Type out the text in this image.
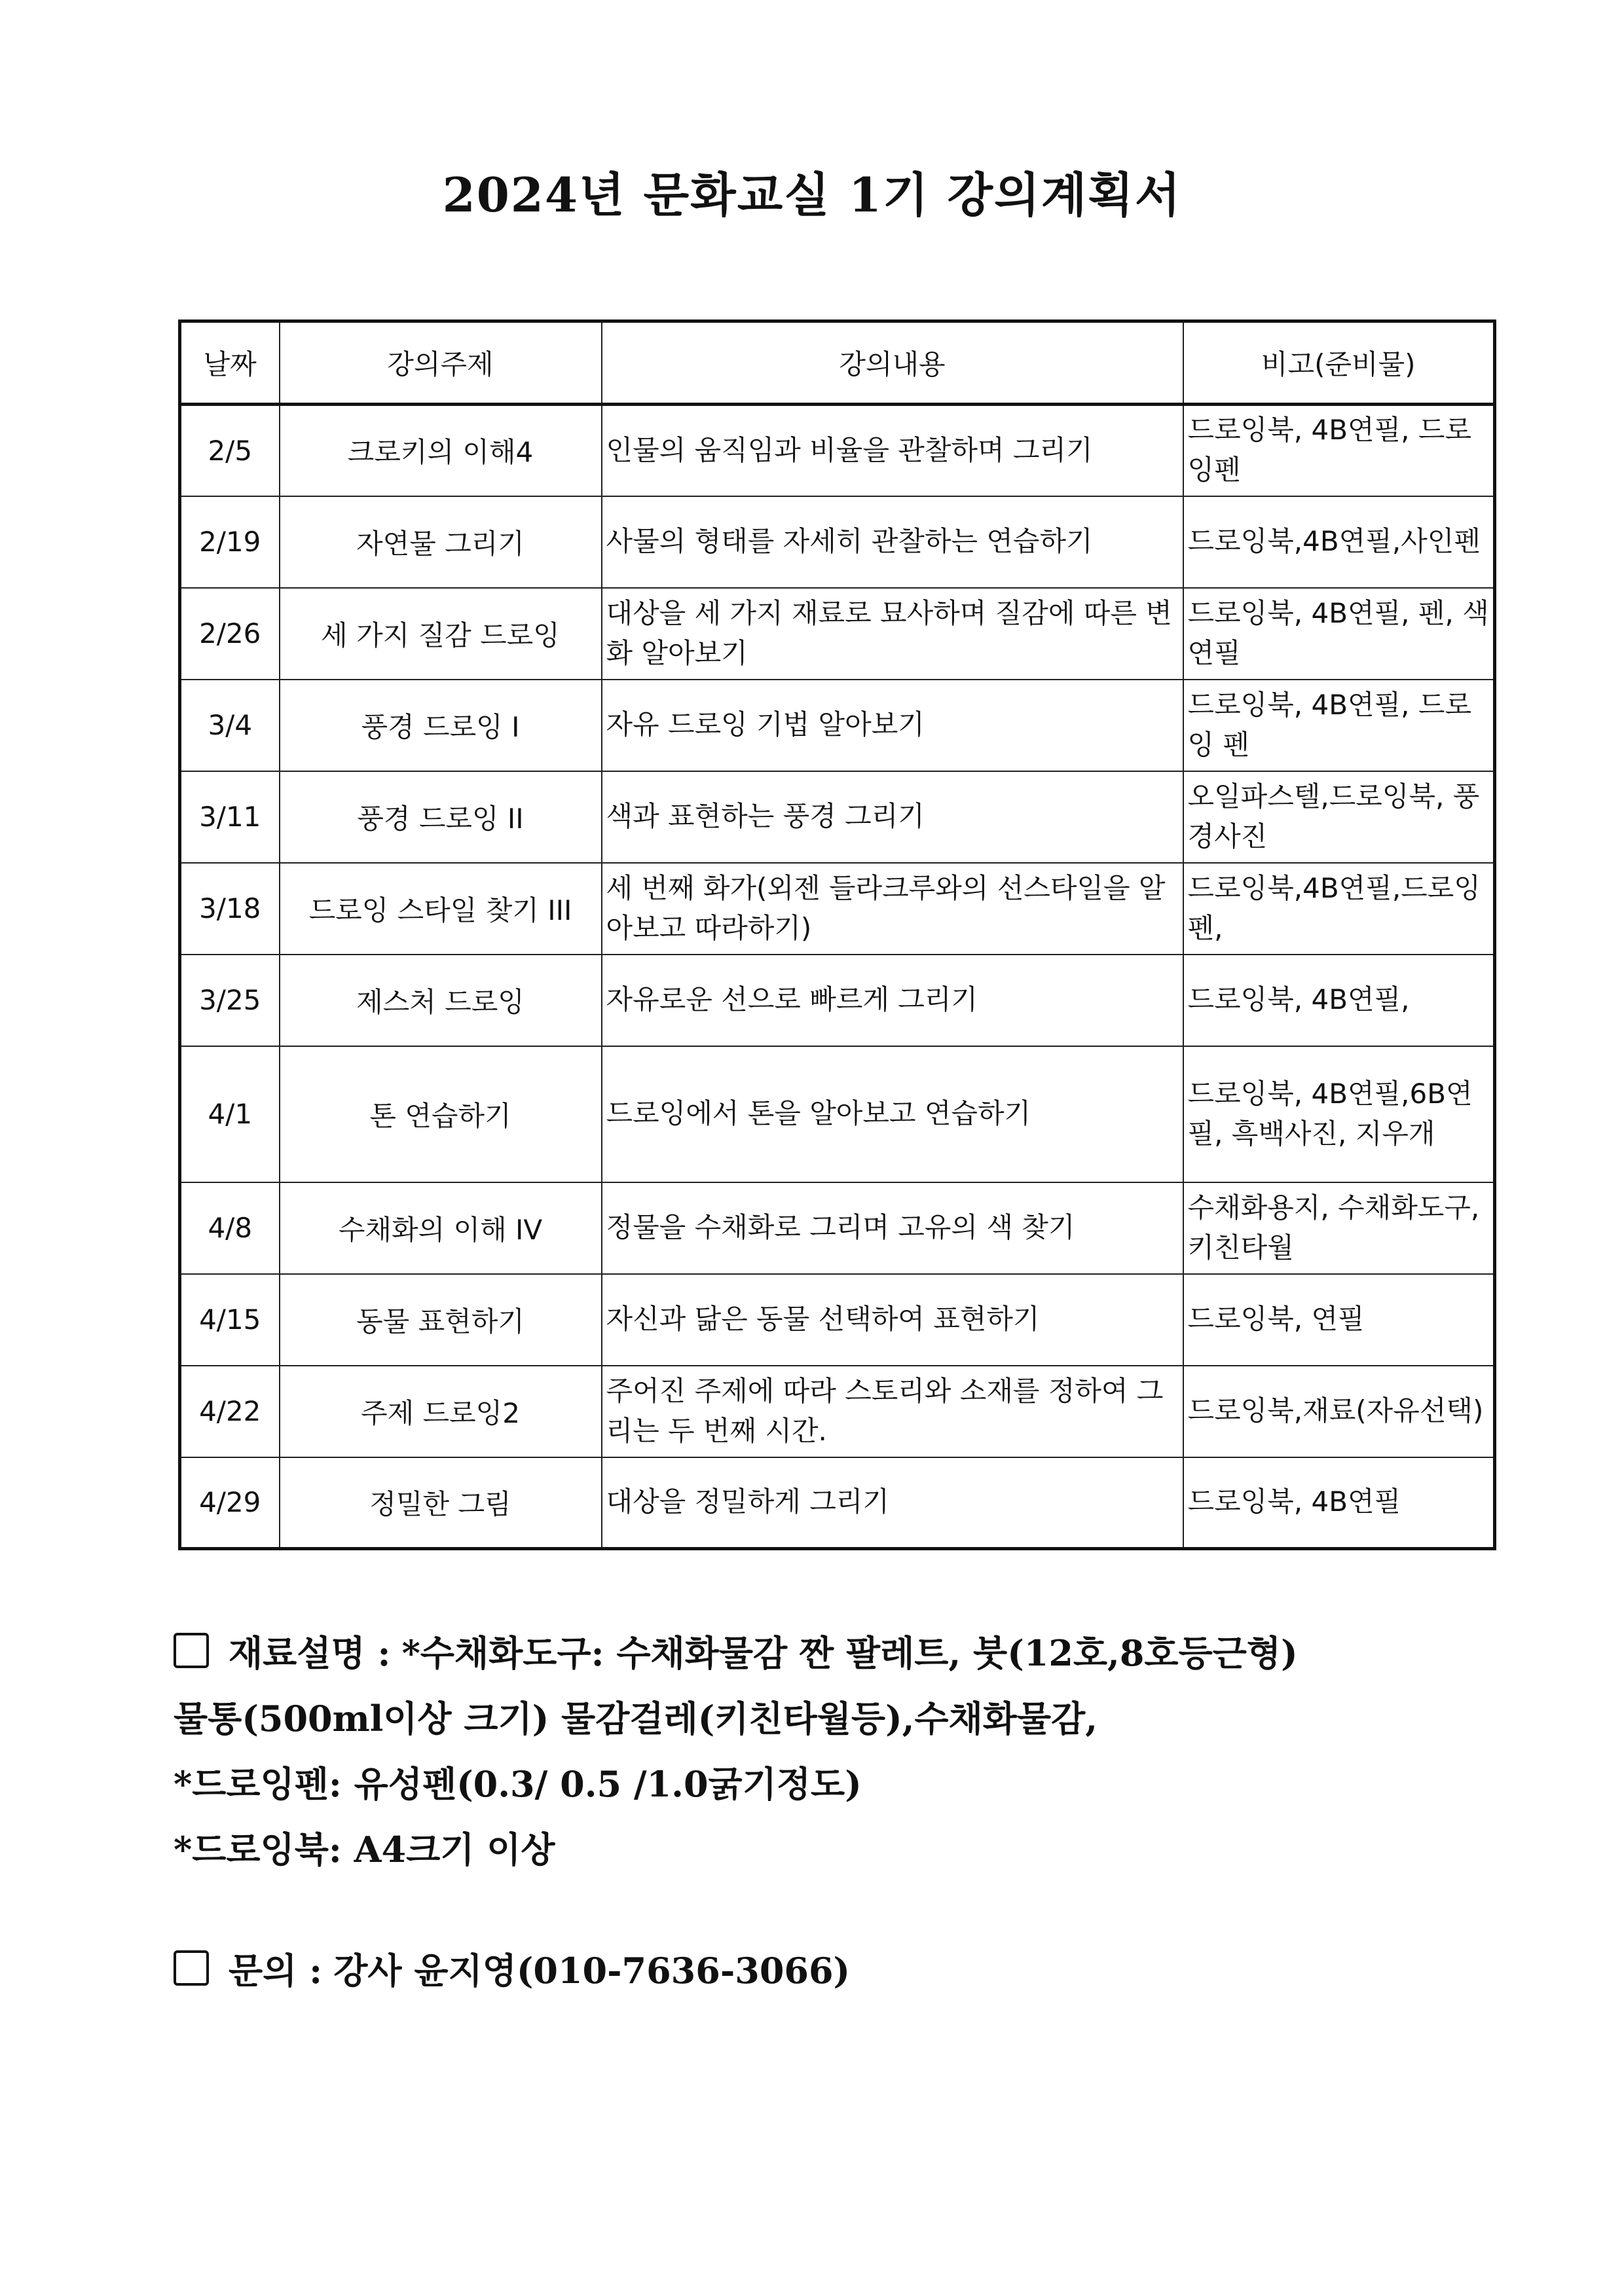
2024년 문화교실 1기 강의계획서
날짜	강의주제	강의내용	비고(준비물)
2/5	크로키의 이해4	인물의 움직임과 비율을 관찰하며 그리기	드로잉북, 4B연필, 드로잉펜
2/19	자연물 그리기	사물의 형태를 자세히 관찰하는 연습하기	드로잉북,4B연필,사인펜
2/26	세 가지 질감 드로잉	대상을 세 가지 재료로 묘사하며 질감에 따른 변화 알아보기	드로잉북, 4B연필, 펜, 색연필
3/4	풍경 드로잉 I	자유 드로잉 기법 알아보기	드로잉북, 4B연필, 드로잉 펜
3/11	풍경 드로잉 II	색과 표현하는 풍경 그리기	오일파스텔,드로잉북, 풍경사진
3/18	드로잉 스타일 찾기 III	세 번째 화가(외젠 들라크루와의 선스타일을 알아보고 따라하기)	드로잉북,4B연필,드로잉펜,
3/25	제스처 드로잉	자유로운 선으로 빠르게 그리기	드로잉북, 4B연필,
4/1	톤 연습하기	드로잉에서 톤을 알아보고 연습하기	드로잉북, 4B연필,6B연필, 흑백사진, 지우개
4/8	수채화의 이해 IV	정물을 수채화로 그리며 고유의 색 찾기	수채화용지, 수채화도구, 키친타월
4/15	동물 표현하기	자신과 닮은 동물 선택하여 표현하기	드로잉북, 연필
4/22	주제 드로잉2	주어진 주제에 따라 스토리와 소재를 정하여 그리는 두 번째 시간.	드로잉북,재료(자유선택)
4/29	정밀한 그림	대상을 정밀하게 그리기	드로잉북, 4B연필
재료설명 : *수채화도구: 수채화물감 짠 팔레트, 붓(12호,8호등근형)
물통(500ml이상 크기) 물감걸레(키친타월등),수채화물감,
*드로잉펜: 유성펜(0.3/ 0.5 /1.0굵기정도)
*드로잉북: A4크기 이상
문의 : 강사 윤지영(010-7636-3066)
